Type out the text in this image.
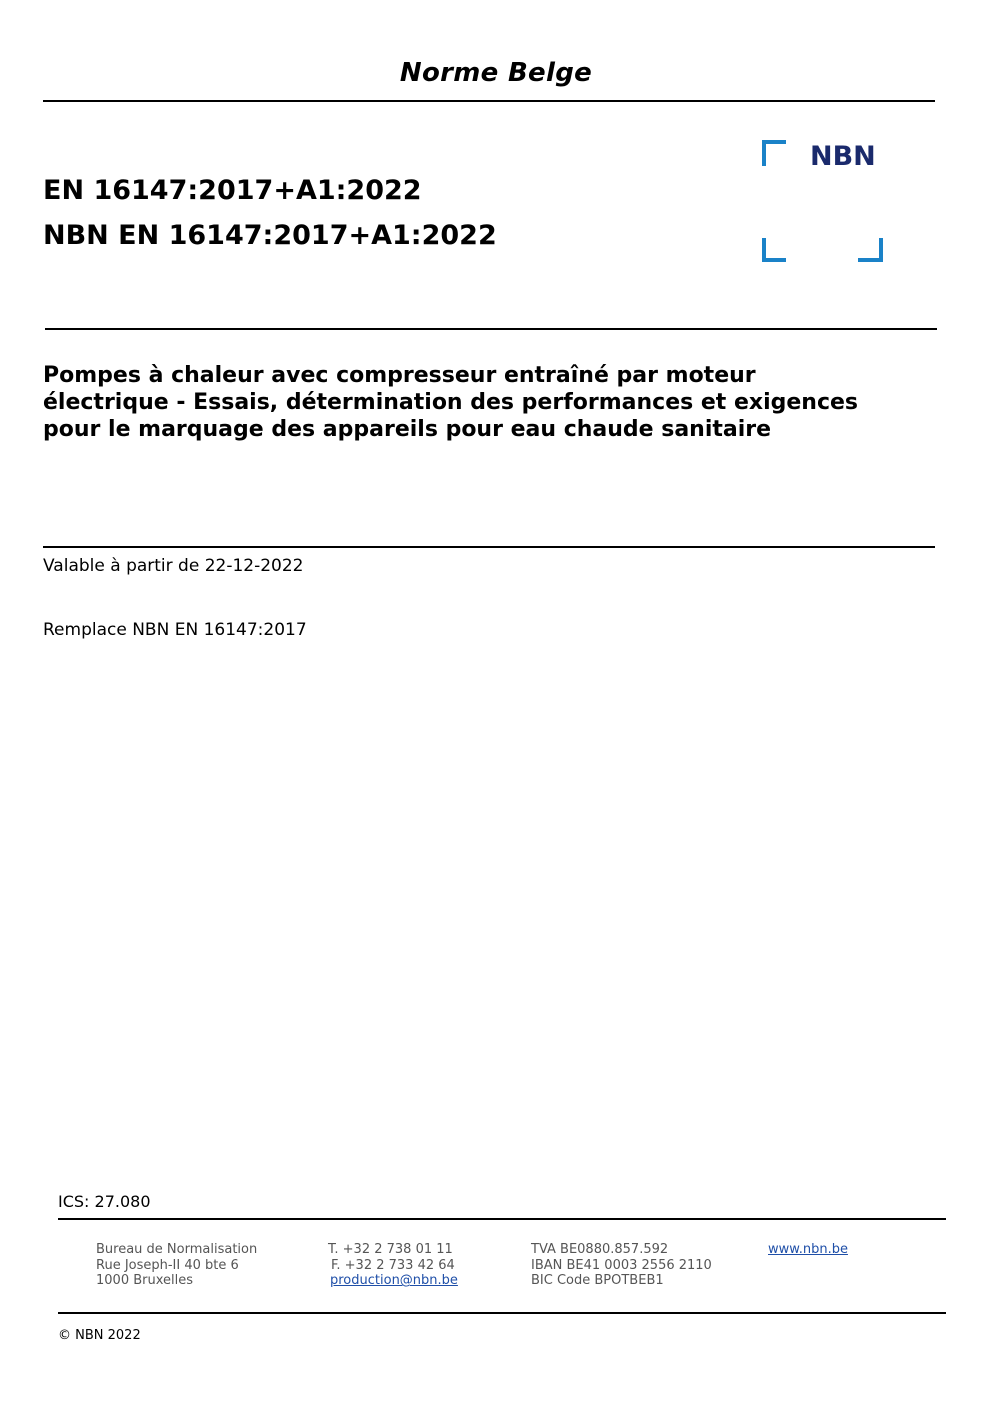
Norme Belge
EN 16147:2017+A1:2022
NBN EN 16147:2017+A1:2022
NBN
Pompes à chaleur avec compresseur entraîné par moteur électrique - Essais, détermination des performances et exigences pour le marquage des appareils pour eau chaude sanitaire
Valable à partir de 22-12-2022
Remplace NBN EN 16147:2017
ICS: 27.080
Bureau de Normalisation
Rue Joseph-II 40 bte 6
1000 Bruxelles
T. +32 2 738 01 11
F. +32 2 733 42 64
production@nbn.be
TVA BE0880.857.592
IBAN BE41 0003 2556 2110
BIC Code BPOTBEB1
www.nbn.be
© NBN 2022
